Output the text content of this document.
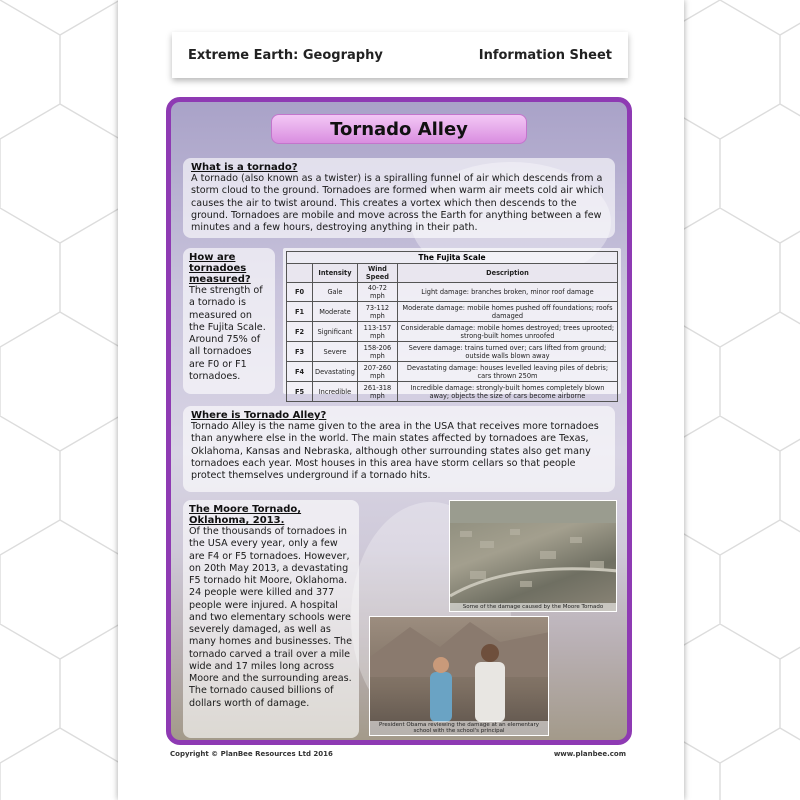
Extreme Earth: Geography	Information Sheet
Tornado Alley
What is a tornado?
A tornado (also known as a twister) is a spiralling funnel of air which descends from a storm cloud to the ground. Tornadoes are formed when warm air meets cold air which causes the air to twist around. This creates a vortex which then descends to the ground. Tornadoes are mobile and move across the Earth for anything between a few minutes and a few hours, destroying anything in their path.
How are tornadoes measured?
The strength of a tornado is measured on the Fujita Scale. Around 75% of all tornadoes are F0 or F1 tornadoes.
The Fujita Scale
	Intensity	Wind Speed	Description
F0	Gale	40-72 mph	Light damage: branches broken, minor roof damage
F1	Moderate	73-112 mph	Moderate damage: mobile homes pushed off foundations; roofs damaged
F2	Significant	113-157 mph	Considerable damage: mobile homes destroyed; trees uprooted; strong-built homes unroofed
F3	Severe	158-206 mph	Severe damage: trains turned over; cars lifted from ground; outside walls blown away
F4	Devastating	207-260 mph	Devastating damage: houses levelled leaving piles of debris; cars thrown 250m
F5	Incredible	261-318 mph	Incredible damage: strongly-built homes completely blown away; objects the size of cars become airborne
Where is Tornado Alley?
Tornado Alley is the name given to the area in the USA that receives more tornadoes than anywhere else in the world. The main states affected by tornadoes are Texas, Oklahoma, Kansas and Nebraska, although other surrounding states also get many tornadoes each year. Most houses in this area have storm cellars so that people protect themselves underground if a tornado hits.
The Moore Tornado, Oklahoma, 2013.
Of the thousands of tornadoes in the USA every year, only a few are F4 or F5 tornadoes. However, on 20th May 2013, a devastating F5 tornado hit Moore, Oklahoma. 24 people were killed and 377 people were injured. A hospital and two elementary schools were severely damaged, as well as many homes and businesses. The tornado carved a trail over a mile wide and 17 miles long across Moore and the surrounding areas. The tornado caused billions of dollars worth of damage.
Some of the damage caused by the Moore Tornado
President Obama reviewing the damage at an elementary school with the school's principal
Copyright © PlanBee Resources Ltd 2016	www.planbee.com
